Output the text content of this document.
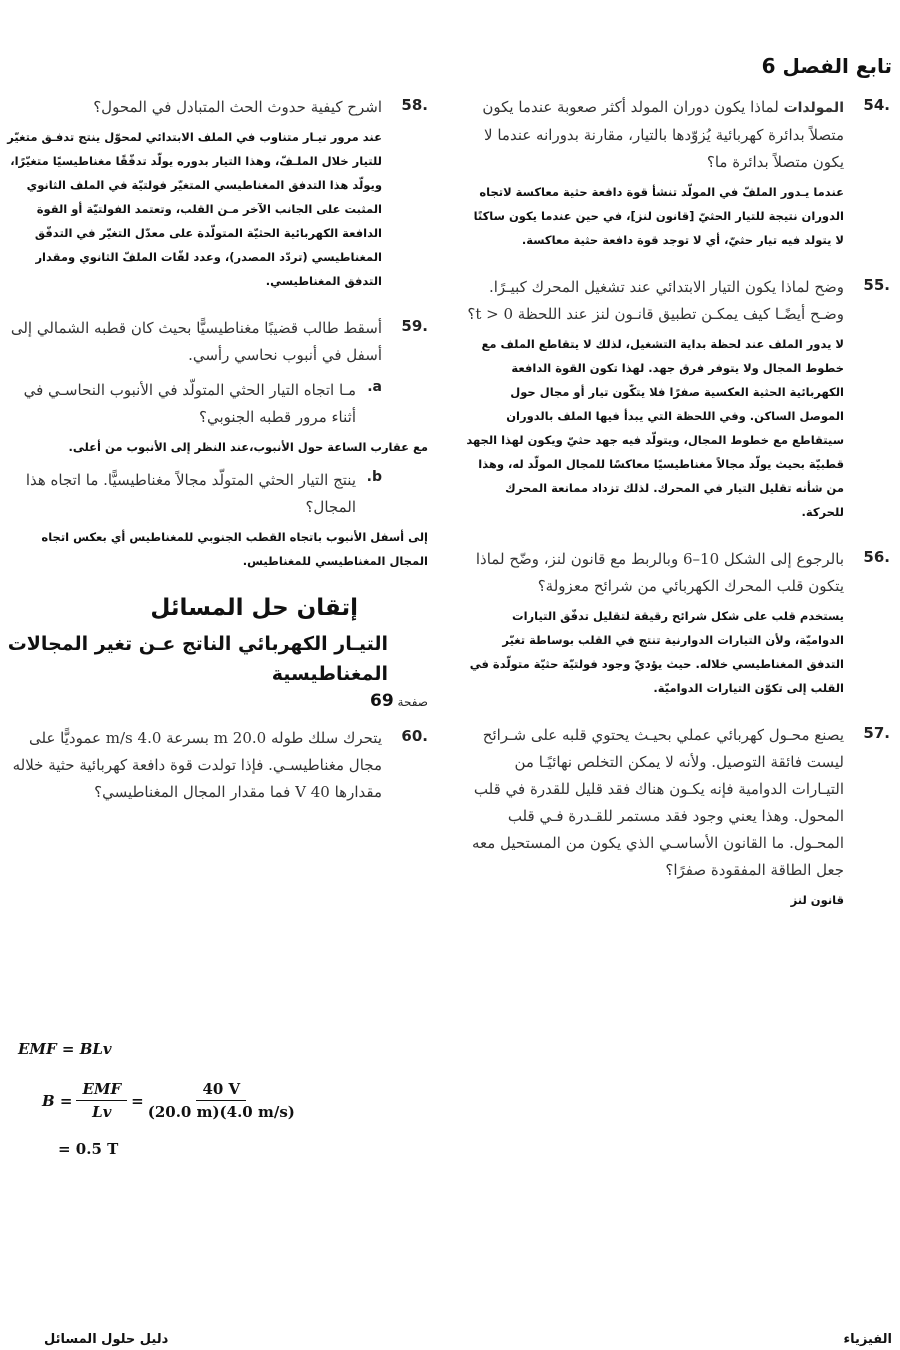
تابع الفصل 6
.54
المولدات لماذا يكون دوران المولد أكثر صعوبة عندما يكون متصلاً بدائرة كهربائية يُزوّدها بالتيار، مقارنة بدورانه عندما لا يكون متصلاً بدائرة ما؟
عندما يـدور الملفّ في المولّد تنشأ قوة دافعة حثية معاكسة لاتجاه الدوران نتيجة للتيار الحثيّ [قانون لنز]، في حين عندما يكون ساكنًا لا يتولد فيه تيار حثيّ، أي لا توجد قوة دافعة حثية معاكسة.
.55
وضح لماذا يكون التيار الابتدائي عند تشغيل المحرك كبيـرًا. وضـح أيضًـا كيف يمكـن تطبيق قانـون لنز عند اللحظة t > 0؟
لا يدور الملف عند لحظة بداية التشغيل، لذلك لا يتقاطع الملف مع خطوط المجال ولا يتوفر فرق جهد. لهذا تكون القوة الدافعة الكهربائية الحثية العكسية صفرًا فلا يتكّون تيار أو مجال حول الموصل الساكن. وفي اللحظة التي يبدأ فيها الملف بالدوران سيتقاطع مع خطوط المجال، ويتولّد فيه جهد حثيّ ويكون لهذا الجهد قطبيّة بحيث يولّد مجالاً مغناطيسيًا معاكسًا للمجال المولّد له، وهذا من شأنه تقليل التيار في المحرك. لذلك تزداد ممانعة المحرك للحركة.
.56
بالرجوع إلى الشكل 10–6 وبالربط مع قانون لنز، وضّح لماذا يتكون قلب المحرك الكهربائي من شرائح معزولة؟
يستخدم قلب على شكل شرائح رقيقة لتقليل تدفّق التيارات الدواميّة، ولأن التيارات الدوارنية تنتج في القلب بوساطة تغيّر التدفق المغناطيسي خلاله. حيث يؤديّ وجود فولتيّة حثيّة متولّدة في القلب إلى تكوّن التيارات الدواميّة.
.57
يصنع محـول كهربائي عملي بحيـث يحتوي قلبه على شـرائح ليست فائقة التوصيل. ولأنه لا يمكن التخلص نهائيًـا من التيـارات الدوامية فإنه يكـون هناك فقد قليل للقدرة في قلب المحول. وهذا يعني وجود فقد مستمر للقـدرة فـي قلب المحـول. ما القانون الأساسـي الذي يكون من المستحيل معه جعل الطاقة المفقودة صفرًا؟
قانون لنز
.58
اشرح كيفية حدوث الحث المتبادل في المحول؟
عند مرور تيـار متناوب في الملف الابتدائي لمحوّل ينتج تدفـق متغيّر للتيار خلال الملـفّ، وهذا التيار بدوره يولّد تدفّقًا مغناطيسيًا متغيّرًا، ويولّد هذا التدفق المغناطيسي المتغيّر فولتيّة في الملف الثانوي المثبت على الجانب الآخر مـن القلب، وتعتمد الفولتيّة أو القوة الدافعة الكهربائية الحثيّة المتولّدة على معدّل التغيّر في التدفّق المغناطيسي (تردّد المصدر)، وعدد لفّات الملفّ الثانوي ومقدار التدفق المغناطيسي.
.59
أسقط طالب قضيبًا مغناطيسيًّا بحيث كان قطبه الشمالي إلى أسفل في أنبوب نحاسي رأسي.
a.
مـا اتجاه التيار الحثي المتولّد في الأنبوب النحاسـي في أثناء مرور قطبه الجنوبي؟
مع عقارب الساعة حول الأنبوب،عند النظر إلى الأنبوب من أعلى.
b.
ينتج التيار الحثي المتولّد مجالاً مغناطيسيًّا. ما اتجاه هذا المجال؟
إلى أسفل الأنبوب باتجاه القطب الجنوبي للمغناطيس أي بعكس اتجاه المجال المغناطيسي للمغناطيس.
إتقان حل المسائل
التيـار الكهربائي الناتج عـن تغير المجالات المغناطيسية
صفحة 69
.60
يتحرك سلك طوله 20.0 m بسرعة 4.0 m/s عموديًّا على مجال مغناطيسـي. فإذا تولدت قوة دافعة كهربائية حثية خلاله مقدارها 40 V فما مقدار المجال المغناطيسي؟
EMF = BLv
$B = \frac{\text{EMF}}{Lv} = \frac{40 V}{(20.0 m)(4.0 m/s)}$
= 0.5 T
الفيزياء
دليل حلول المسائل
